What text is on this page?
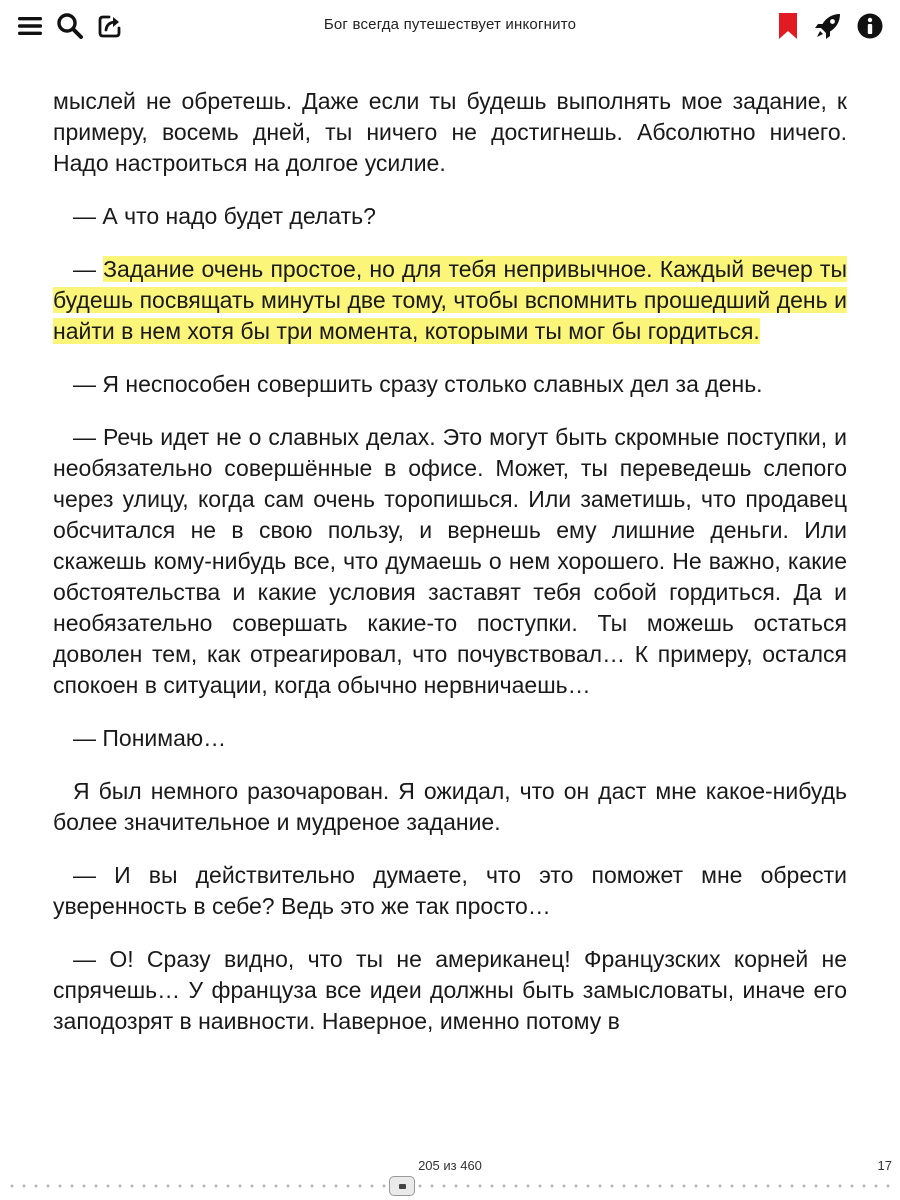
Бог всегда путешествует инкогнито

мыслей не обретешь. Даже если ты будешь выполнять мое задание, к примеру, восемь дней, ты ничего не достигнешь. Абсолютно ничего. Надо настроиться на долгое усилие.

— А что надо будет делать?

— Задание очень простое, но для тебя непривычное. Каждый вечер ты будешь посвящать минуты две тому, чтобы вспомнить прошедший день и найти в нем хотя бы три момента, которыми ты мог бы гордиться.

— Я неспособен совершить сразу столько славных дел за день.

— Речь идет не о славных делах. Это могут быть скромные поступки, и необязательно совершённые в офисе. Может, ты переведешь слепого через улицу, когда сам очень торопишься. Или заметишь, что продавец обсчитался не в свою пользу, и вернешь ему лишние деньги. Или скажешь кому-нибудь все, что думаешь о нем хорошего. Не важно, какие обстоятельства и какие условия заставят тебя собой гордиться. Да и необязательно совершать какие-то поступки. Ты можешь остаться доволен тем, как отреагировал, что почувствовал… К примеру, остался спокоен в ситуации, когда обычно нервничаешь…

— Понимаю…

Я был немного разочарован. Я ожидал, что он даст мне какое-нибудь более значительное и мудреное задание.

— И вы действительно думаете, что это поможет мне обрести уверенность в себе? Ведь это же так просто…

— О! Сразу видно, что ты не американец! Французских корней не спрячешь… У француза все идеи должны быть замысловаты, иначе его заподозрят в наивности. Наверное, именно потому в

205 из 460	17
